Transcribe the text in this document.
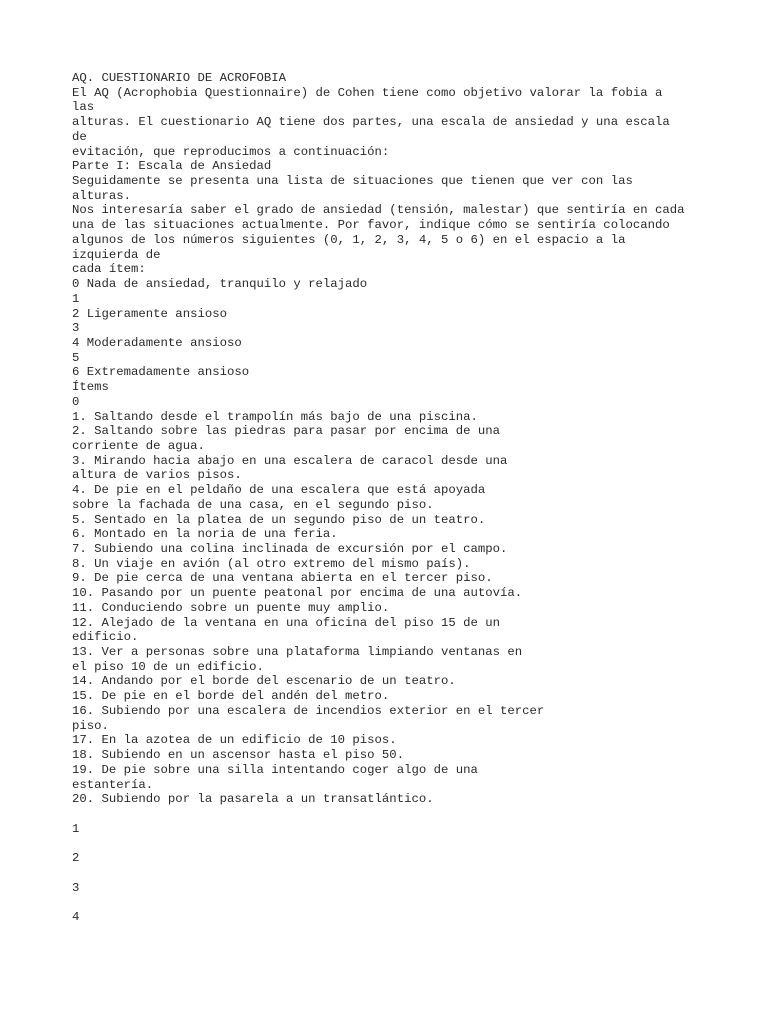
AQ. CUESTIONARIO DE ACROFOBIA
El AQ (Acrophobia Questionnaire) de Cohen tiene como objetivo valorar la fobia a
las
alturas. El cuestionario AQ tiene dos partes, una escala de ansiedad y una escala
de
evitación, que reproducimos a continuación:
Parte I: Escala de Ansiedad
Seguidamente se presenta una lista de situaciones que tienen que ver con las
alturas.
Nos interesaría saber el grado de ansiedad (tensión, malestar) que sentiría en cada
una de las situaciones actualmente. Por favor, indique cómo se sentiría colocando
algunos de los números siguientes (0, 1, 2, 3, 4, 5 o 6) en el espacio a la
izquierda de
cada ítem:
0 Nada de ansiedad, tranquilo y relajado
1
2 Ligeramente ansioso
3
4 Moderadamente ansioso
5
6 Extremadamente ansioso
Ítems
0
1. Saltando desde el trampolín más bajo de una piscina.
2. Saltando sobre las piedras para pasar por encima de una
corriente de agua.
3. Mirando hacia abajo en una escalera de caracol desde una
altura de varios pisos.
4. De pie en el peldaño de una escalera que está apoyada
sobre la fachada de una casa, en el segundo piso.
5. Sentado en la platea de un segundo piso de un teatro.
6. Montado en la noria de una feria.
7. Subiendo una colina inclinada de excursión por el campo.
8. Un viaje en avión (al otro extremo del mismo país).
9. De pie cerca de una ventana abierta en el tercer piso.
10. Pasando por un puente peatonal por encima de una autovía.
11. Conduciendo sobre un puente muy amplio.
12. Alejado de la ventana en una oficina del piso 15 de un
edificio.
13. Ver a personas sobre una plataforma limpiando ventanas en
el piso 10 de un edificio.
14. Andando por el borde del escenario de un teatro.
15. De pie en el borde del andén del metro.
16. Subiendo por una escalera de incendios exterior en el tercer
piso.
17. En la azotea de un edificio de 10 pisos.
18. Subiendo en un ascensor hasta el piso 50.
19. De pie sobre una silla intentando coger algo de una
estantería.
20. Subiendo por la pasarela a un transatlántico.
1
2
3
4
